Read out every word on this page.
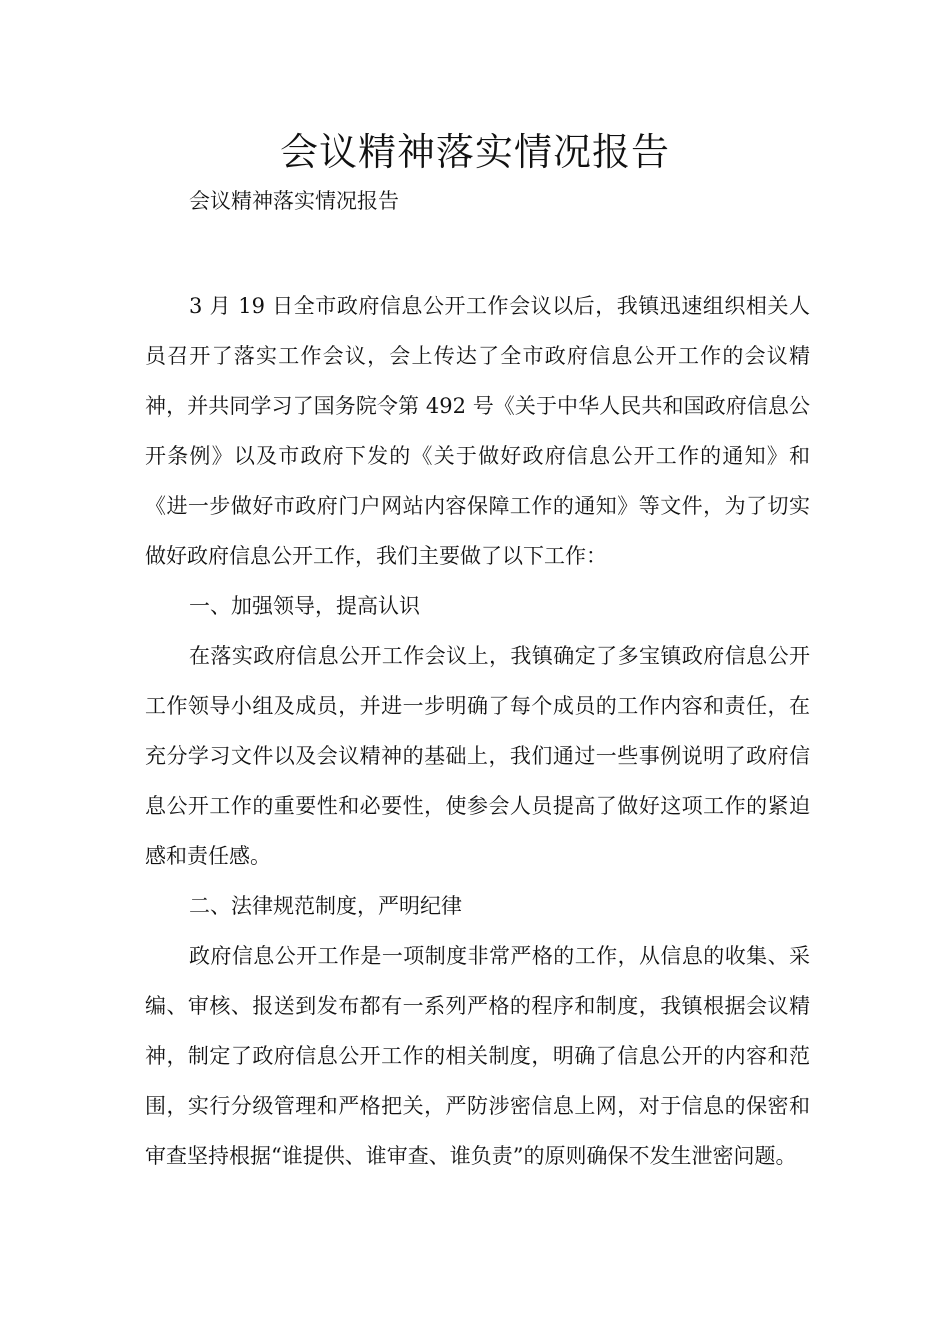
会议精神落实情况报告

会议精神落实情况报告

3 月 19 日全市政府信息公开工作会议以后，我镇迅速组织相关人员召开了落实工作会议，会上传达了全市政府信息公开工作的会议精神，并共同学习了国务院令第 492 号《关于中华人民共和国政府信息公开条例》以及市政府下发的《关于做好政府信息公开工作的通知》和《进一步做好市政府门户网站内容保障工作的通知》等文件，为了切实做好政府信息公开工作，我们主要做了以下工作：

一、加强领导，提高认识

在落实政府信息公开工作会议上，我镇确定了多宝镇政府信息公开工作领导小组及成员，并进一步明确了每个成员的工作内容和责任，在充分学习文件以及会议精神的基础上，我们通过一些事例说明了政府信息公开工作的重要性和必要性，使参会人员提高了做好这项工作的紧迫感和责任感。

二、法律规范制度，严明纪律

政府信息公开工作是一项制度非常严格的工作，从信息的收集、采编、审核、报送到发布都有一系列严格的程序和制度，我镇根据会议精神，制定了政府信息公开工作的相关制度，明确了信息公开的内容和范围，实行分级管理和严格把关，严防涉密信息上网，对于信息的保密和审查坚持根据“谁提供、谁审查、谁负责”的原则确保不发生泄密问题。
